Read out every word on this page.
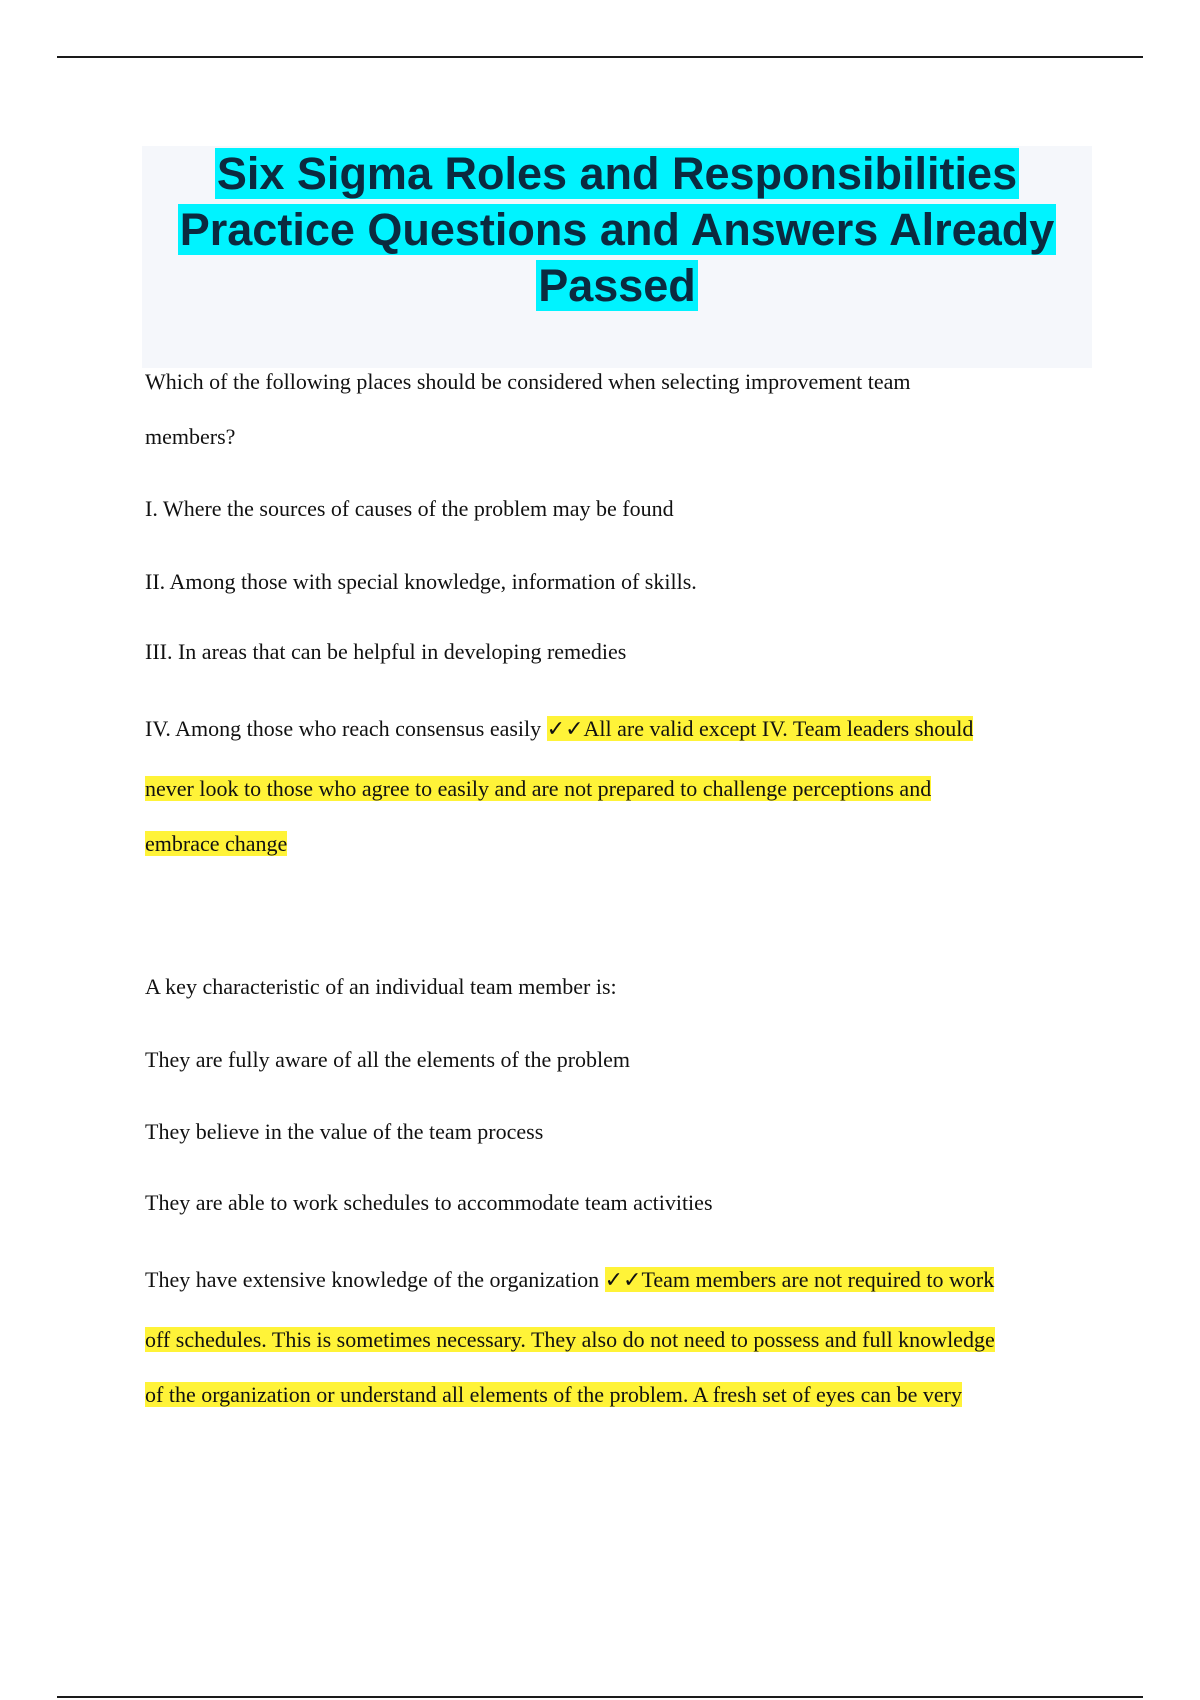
Six Sigma Roles and Responsibilities
Practice Questions and Answers Already
Passed
Which of the following places should be considered when selecting improvement team
members?
I. Where the sources of causes of the problem may be found
II. Among those with special knowledge, information of skills.
III. In areas that can be helpful in developing remedies
IV. Among those who reach consensus easily ✓✓All are valid except IV. Team leaders should
never look to those who agree to easily and are not prepared to challenge perceptions and
embrace change
A key characteristic of an individual team member is:
They are fully aware of all the elements of the problem
They believe in the value of the team process
They are able to work schedules to accommodate team activities
They have extensive knowledge of the organization ✓✓Team members are not required to work
off schedules. This is sometimes necessary. They also do not need to possess and full knowledge
of the organization or understand all elements of the problem. A fresh set of eyes can be very
